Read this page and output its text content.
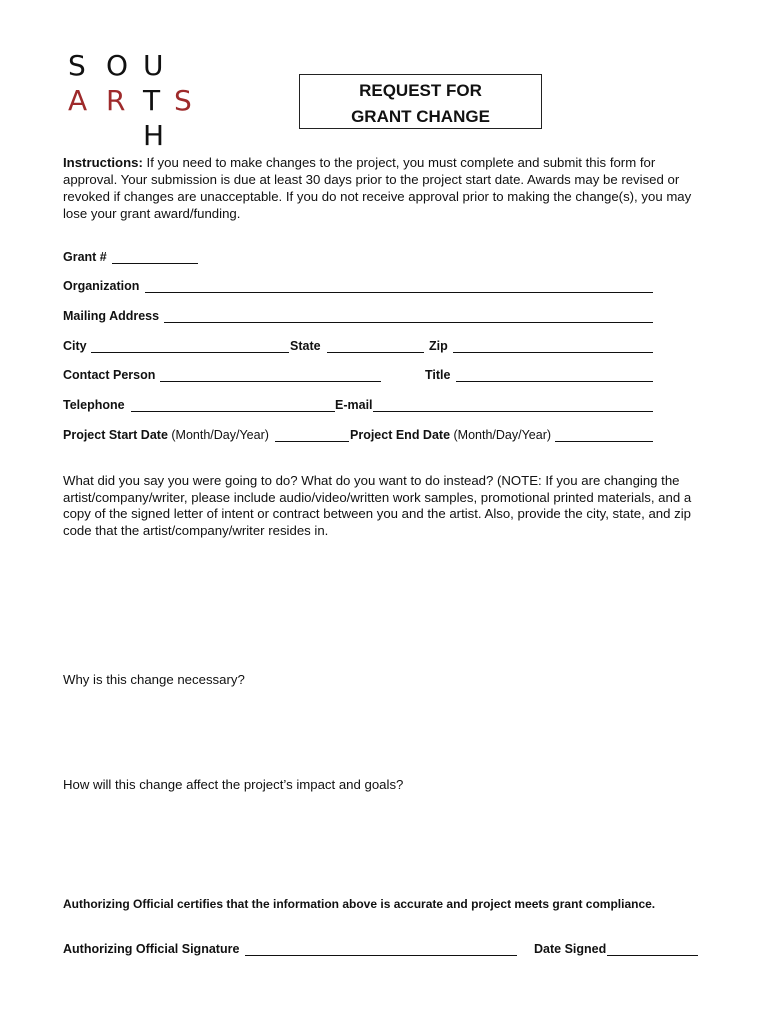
S O U
A R T S
H
REQUEST FOR
GRANT CHANGE
Instructions: If you need to make changes to the project, you must complete and submit this form for approval. Your submission is due at least 30 days prior to the project start date. Awards may be revised or revoked if changes are unacceptable. If you do not receive approval prior to making the change(s), you may lose your grant award/funding.
Grant #
Organization
Mailing Address
City	State	Zip
Contact Person	Title
Telephone	E-mail
Project Start Date (Month/Day/Year)	Project End Date (Month/Day/Year)
What did you say you were going to do? What do you want to do instead? (NOTE: If you are changing the artist/company/writer, please include audio/video/written work samples, promotional printed materials, and a copy of the signed letter of intent or contract between you and the artist. Also, provide the city, state, and zip code that the artist/company/writer resides in.
Why is this change necessary?
How will this change affect the project’s impact and goals?
Authorizing Official certifies that the information above is accurate and project meets grant compliance.
Authorizing Official Signature	Date Signed
